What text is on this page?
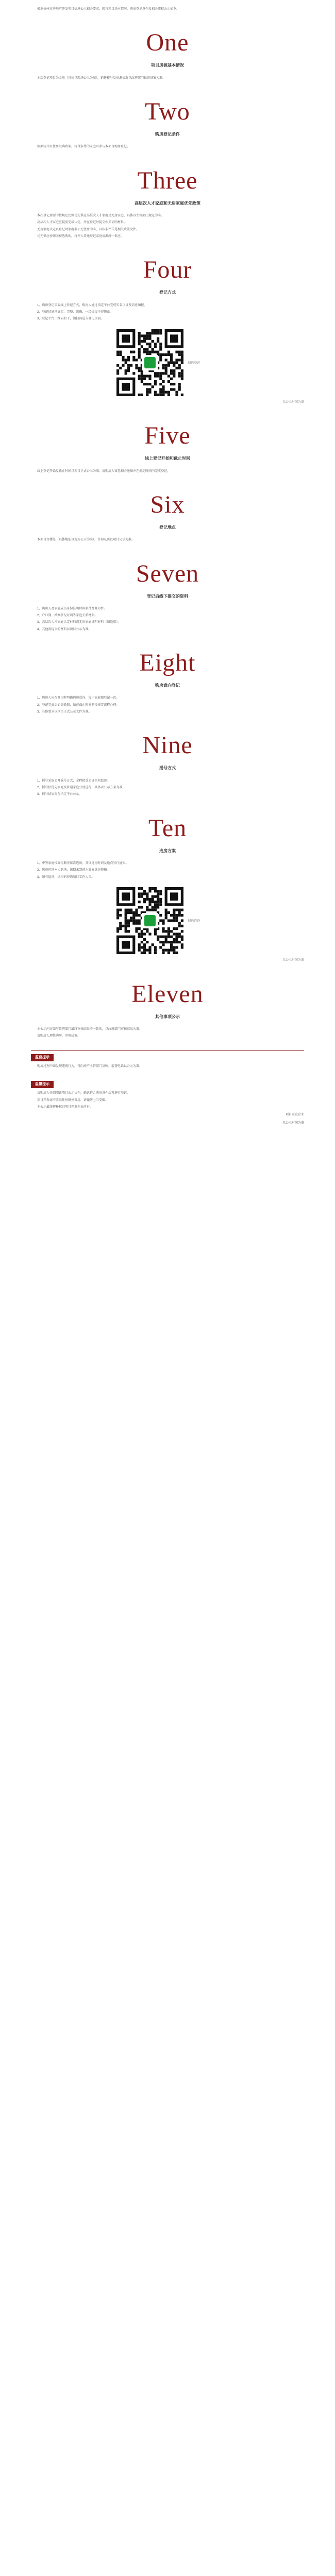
根据杭州市房地产开发项目信息公示相关要求，现将项目基本情况、购房登记条件及相关流程公示如下。

One
项目房源基本情况

本次登记项目为金地（具体以现场公示为准），销售楼号及房源情况以政府部门最终备案为准。

Two
购房登记条件

根据杭州市住房限购政策，符合条件的家庭可参与本项目购房登记。

Three
高层次人才家庭和无房家庭优先政策

本次登记房源中按规定比例优先供应高层次人才家庭及无房家庭，具体以主管部门规定为准。

高层次人才家庭应提前完成认定，并在登记时提交相关证明材料。

无房家庭认定以登记时家庭名下无住房为准，具体条件详见相关政策文件。

优先供应房源未被选购的，将并入普通登记家庭房源统一供应。

Four
登记方式

1、购房登记采取线上登记方式，购房人通过指定平台完成实名认证及信息填报。

2、登记信息须真实、完整、准确，一经提交不得修改。

3、登记平台二维码如下，请扫码进入登记页面。

扫码登记
以公示时间为准
Five
线上登记开始和截止时间

线上登记开始及截止时间以项目正式公示为准，请购房人留意相关通知并在规定时间内完成登记。

Six
登记地点

本项目售楼处（具体地址以现场公示为准），咨询电话以项目公示为准。

Seven
登记后线下提交的资料

1、购房人及家庭成员身份证明材料原件及复印件。

2、户口簿、婚姻状况证明等家庭关系材料。

3、高层次人才家庭认定材料或无房家庭证明材料（如适用）。

4、其他需提交的材料以项目公示为准。

Eight
购房意向登记

1、购房人应在登记时明确购房意向，每户家庭限登记一次。

2、登记完成后如需撤销，须在截止时间前按规定流程办理。

3、具体要求以项目正式公示文件为准。

Nine
摇号方式

1、摇号采取公开摇号方式，全程接受公证机构监督。

2、摇号按优先家庭及普通家庭分别进行，具体以公示方案为准。

3、摇号结果将在指定平台公示。

Ten
选房方案

1、中签家庭按摇号顺序依次选房，具体选房时间及地点另行通知。

2、选房时须本人到场，逾期未到视为放弃选房资格。

3、如有疑问，请扫码咨询项目工作人员。

扫码咨询
以公示时间为准
Eleven
其他事项公示

本公示内容如与政府部门最终审核结果不一致的，以政府部门审核结果为准。

请购房人理性购房，审慎决策。

监督提示

购房过程中如发现违规行为，可向房产主管部门反映，监督电话以公示为准。

温馨提示

请购房人仔细阅读项目公示文件，确认符合购房条件后再进行登记。

项目开发商不收取任何额外费用，请谨防上当受骗。

本公示最终解释权归项目开发企业所有。

项目开发企业
以公示时间为准
